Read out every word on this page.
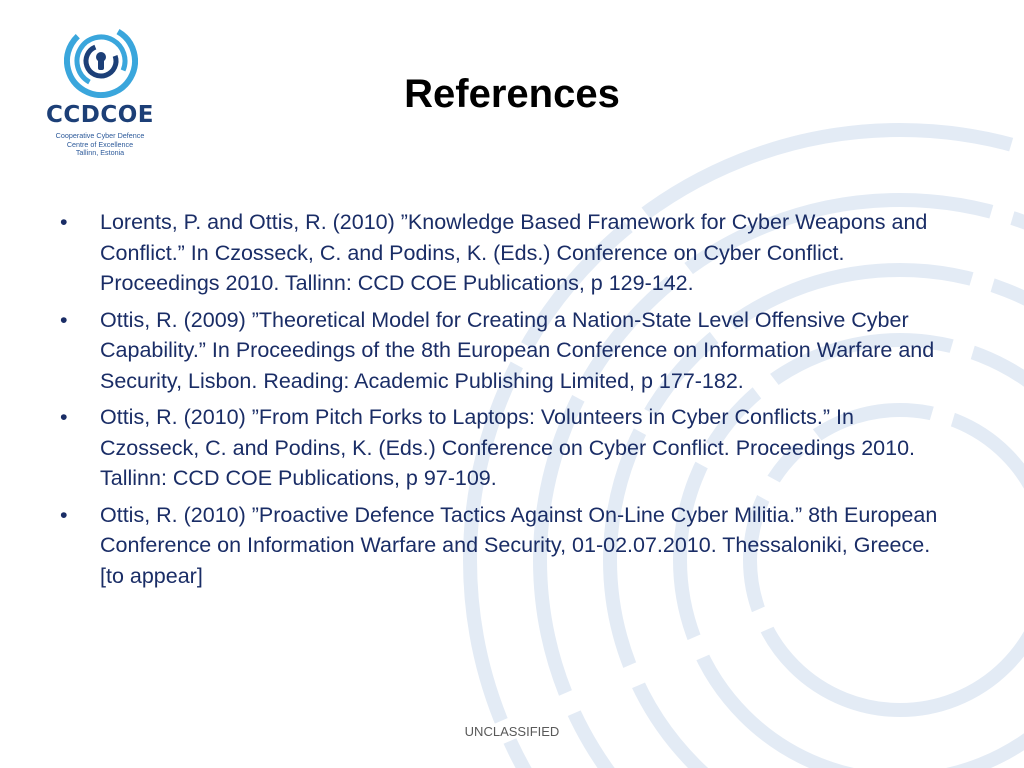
CCDCOE
Cooperative Cyber Defence
Centre of Excellence
Tallinn, Estonia
References
• Lorents, P. and Ottis, R. (2010) ”Knowledge Based Framework for Cyber Weapons and Conflict.” In Czosseck, C. and Podins, K. (Eds.) Conference on Cyber Conflict. Proceedings 2010. Tallinn: CCD COE Publications, p 129-142.
• Ottis, R. (2009) ”Theoretical Model for Creating a Nation-State Level Offensive Cyber Capability.” In Proceedings of the 8th European Conference on Information Warfare and Security, Lisbon. Reading: Academic Publishing Limited, p 177-182.
• Ottis, R. (2010) ”From Pitch Forks to Laptops: Volunteers in Cyber Conflicts.” In Czosseck, C. and Podins, K. (Eds.) Conference on Cyber Conflict. Proceedings 2010. Tallinn: CCD COE Publications, p 97-109.
• Ottis, R. (2010) ”Proactive Defence Tactics Against On-Line Cyber Militia.” 8th European Conference on Information Warfare and Security, 01-02.07.2010. Thessaloniki, Greece. [to appear]
UNCLASSIFIED
